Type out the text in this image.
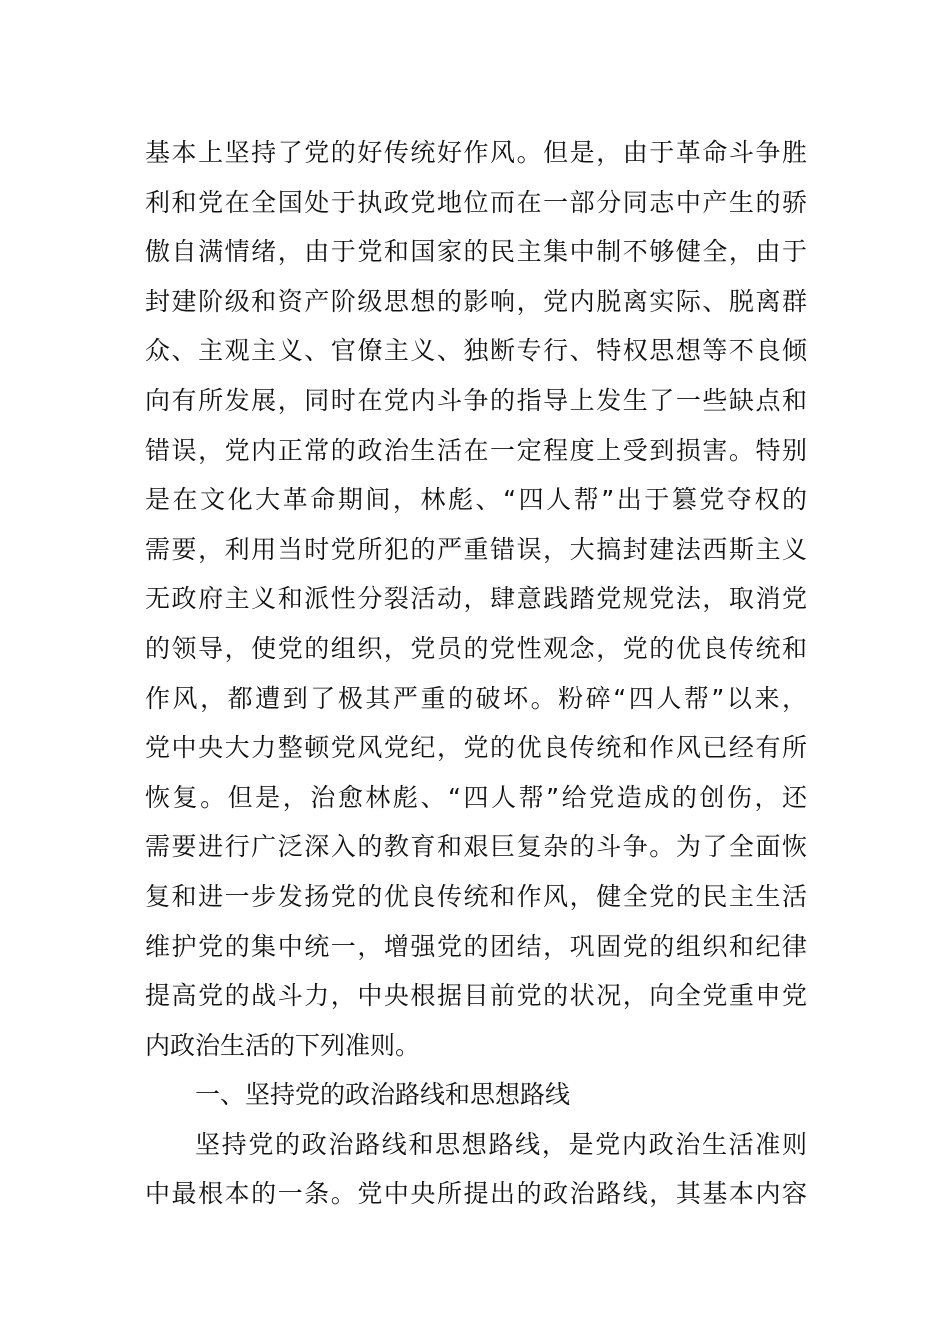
基本上坚持了党的好传统好作风。但是，由于革命斗争胜
利和党在全国处于执政党地位而在一部分同志中产生的骄
傲自满情绪，由于党和国家的民主集中制不够健全，由于
封建阶级和资产阶级思想的影响，党内脱离实际、脱离群
众、主观主义、官僚主义、独断专行、特权思想等不良倾
向有所发展，同时在党内斗争的指导上发生了一些缺点和
错误，党内正常的政治生活在一定程度上受到损害。特别
是在文化大革命期间，林彪、“四人帮”出于篡党夺权的
需要，利用当时党所犯的严重错误，大搞封建法西斯主义
无政府主义和派性分裂活动，肆意践踏党规党法，取消党
的领导，使党的组织，党员的党性观念，党的优良传统和
作风，都遭到了极其严重的破坏。粉碎“四人帮”以来，
党中央大力整顿党风党纪，党的优良传统和作风已经有所
恢复。但是，治愈林彪、“四人帮”给党造成的创伤，还
需要进行广泛深入的教育和艰巨复杂的斗争。为了全面恢
复和进一步发扬党的优良传统和作风，健全党的民主生活
维护党的集中统一，增强党的团结，巩固党的组织和纪律
提高党的战斗力，中央根据目前党的状况，向全党重申党
内政治生活的下列准则。
一、坚持党的政治路线和思想路线
坚持党的政治路线和思想路线，是党内政治生活准则
中最根本的一条。党中央所提出的政治路线，其基本内容
